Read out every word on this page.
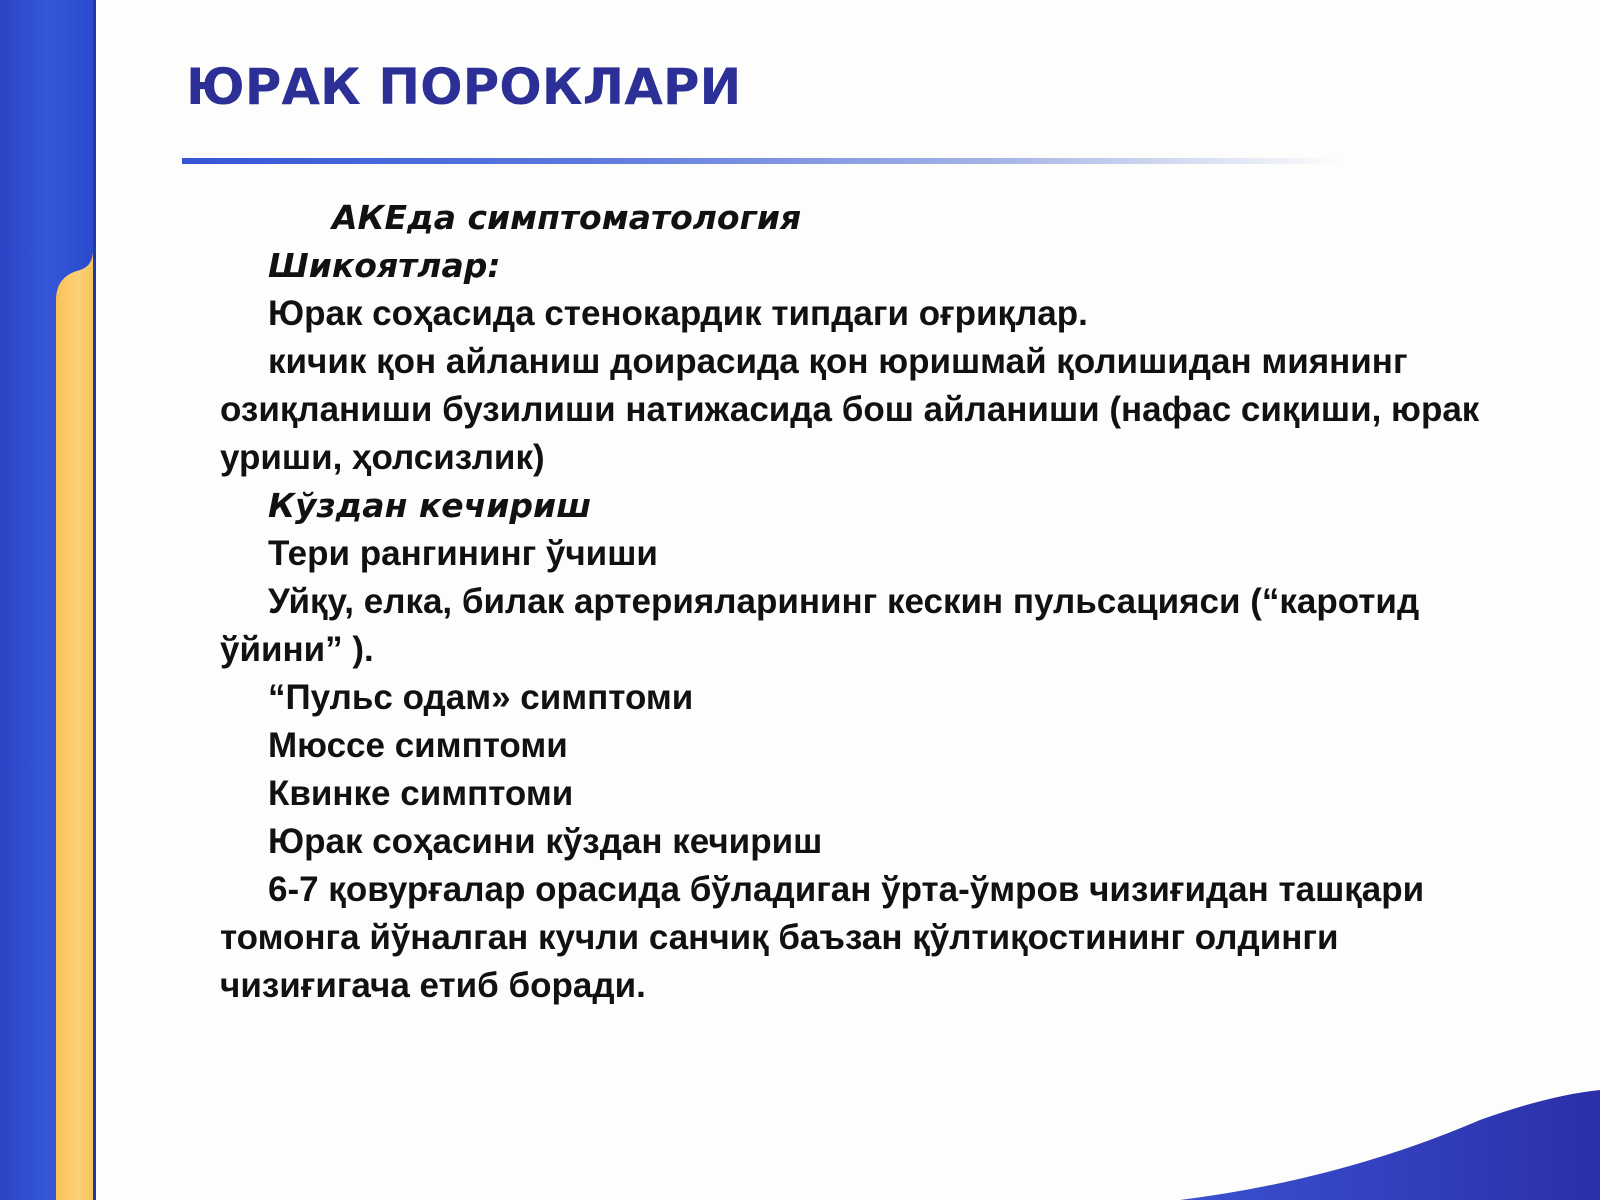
ЮРАК ПОРОКЛАРИ

АКЕда симптоматология

Шикоятлар:

Юрак соҳасида стенокардик типдаги оғриқлар.

кичик қон айланиш доирасида қон юришмай қолишидан миянинг озиқланиши бузилиши натижасида бош айланиши (нафас сиқиши, юрак уриши, ҳолсизлик)

Кўздан кечириш

Тери рангининг ўчиши

Уйқу, елка, билак артерияларининг кескин пульсацияси (“каротид ўйини” ).

“Пульс одам» симптоми

Мюссе симптоми

Квинке симптоми

Юрак соҳасини кўздан кечириш

6-7 қовурғалар орасида бўладиган ўрта-ўмров чизиғидан ташқари томонга йўналган кучли санчиқ баъзан қўлтиқостининг олдинги чизиғигача етиб боради.
